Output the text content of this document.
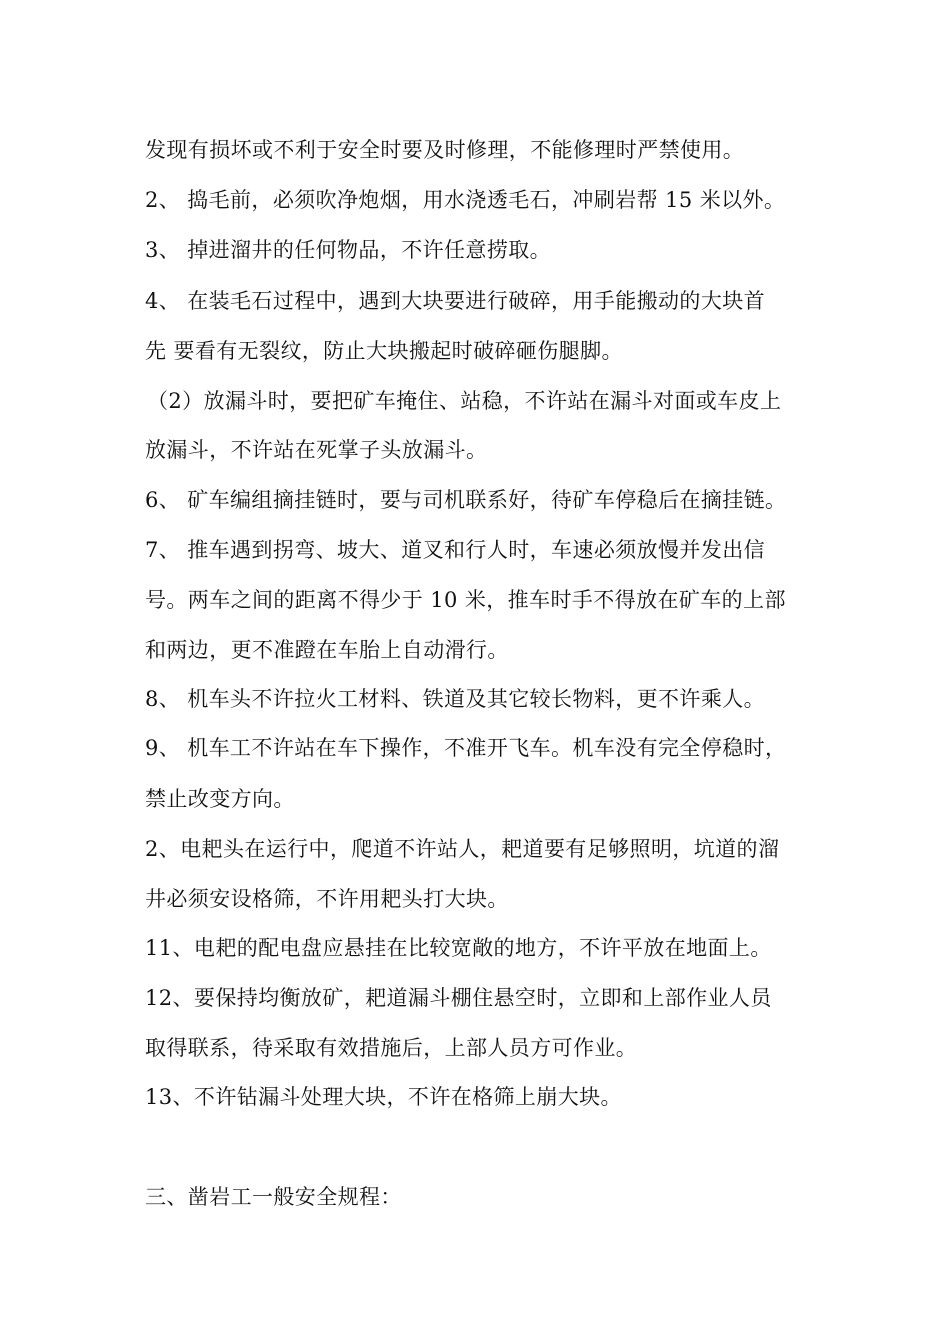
发现有损坏或不利于安全时要及时修理，不能修理时严禁使用。
2、 捣毛前，必须吹净炮烟，用水浇透毛石，冲刷岩帮 15 米以外。
3、 掉进溜井的任何物品，不许任意捞取。
4、 在装毛石过程中，遇到大块要进行破碎，用手能搬动的大块首
先 要看有无裂纹，防止大块搬起时破碎砸伤腿脚。
（2）放漏斗时，要把矿车掩住、站稳，不许站在漏斗对面或车皮上
放漏斗，不许站在死掌子头放漏斗。
6、 矿车编组摘挂链时，要与司机联系好，待矿车停稳后在摘挂链。
7、 推车遇到拐弯、坡大、道叉和行人时，车速必须放慢并发出信
号。两车之间的距离不得少于 10 米，推车时手不得放在矿车的上部
和两边，更不准蹬在车胎上自动滑行。
8、 机车头不许拉火工材料、铁道及其它较长物料，更不许乘人。
9、 机车工不许站在车下操作，不准开飞车。机车没有完全停稳时，
禁止改变方向。
2、电耙头在运行中，爬道不许站人，耙道要有足够照明，坑道的溜
井必须安设格筛，不许用耙头打大块。
11、电耙的配电盘应悬挂在比较宽敞的地方，不许平放在地面上。
12、要保持均衡放矿，耙道漏斗棚住悬空时，立即和上部作业人员
取得联系，待采取有效措施后，上部人员方可作业。
13、不许钻漏斗处理大块，不许在格筛上崩大块。
三、凿岩工一般安全规程：
